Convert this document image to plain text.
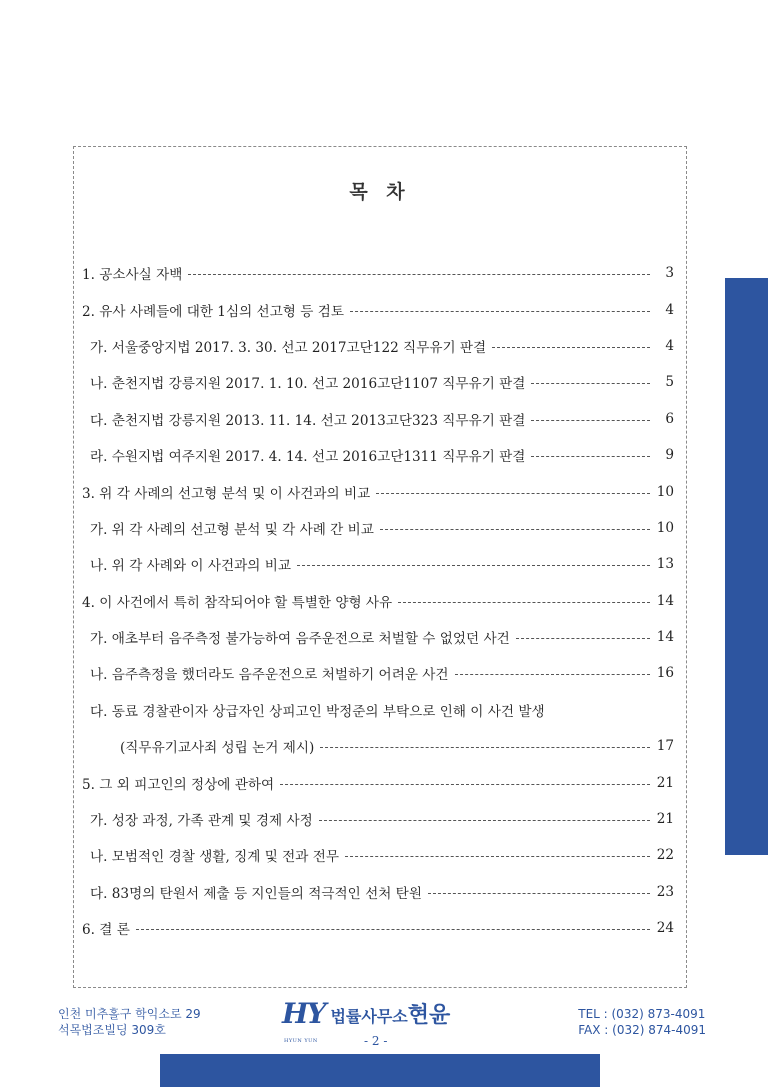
목 차
1. 공소사실 자백	3
2. 유사 사례들에 대한 1심의 선고형 등 검토	4
가. 서울중앙지법 2017. 3. 30. 선고 2017고단122 직무유기 판결	4
나. 춘천지법 강릉지원 2017. 1. 10. 선고 2016고단1107 직무유기 판결	5
다. 춘천지법 강릉지원 2013. 11. 14. 선고 2013고단323 직무유기 판결	6
라. 수원지법 여주지원 2017. 4. 14. 선고 2016고단1311 직무유기 판결	9
3. 위 각 사례의 선고형 분석 및 이 사건과의 비교	10
가. 위 각 사례의 선고형 분석 및 각 사례 간 비교	10
나. 위 각 사례와 이 사건과의 비교	13
4. 이 사건에서 특히 참작되어야 할 특별한 양형 사유	14
가. 애초부터 음주측정 불가능하여 음주운전으로 처벌할 수 없었던 사건	14
나. 음주측정을 했더라도 음주운전으로 처벌하기 어려운 사건	16
다. 동료 경찰관이자 상급자인 상피고인 박정준의 부탁으로 인해 이 사건 발생
(직무유기교사죄 성립 논거 제시)	17
5. 그 외 피고인의 정상에 관하여	21
가. 성장 과정, 가족 관계 및 경제 사정	21
나. 모범적인 경찰 생활, 징계 및 전과 전무	22
다. 83명의 탄원서 제출 등 지인들의 적극적인 선처 탄원	23
6. 결 론	24
인천 미추홀구 학익소로 29
석목법조빌딩 309호	HY
HYUN YUN
법률사무소현윤
- 2 -
TEL : (032) 873-4091
FAX : (032) 874-4091
